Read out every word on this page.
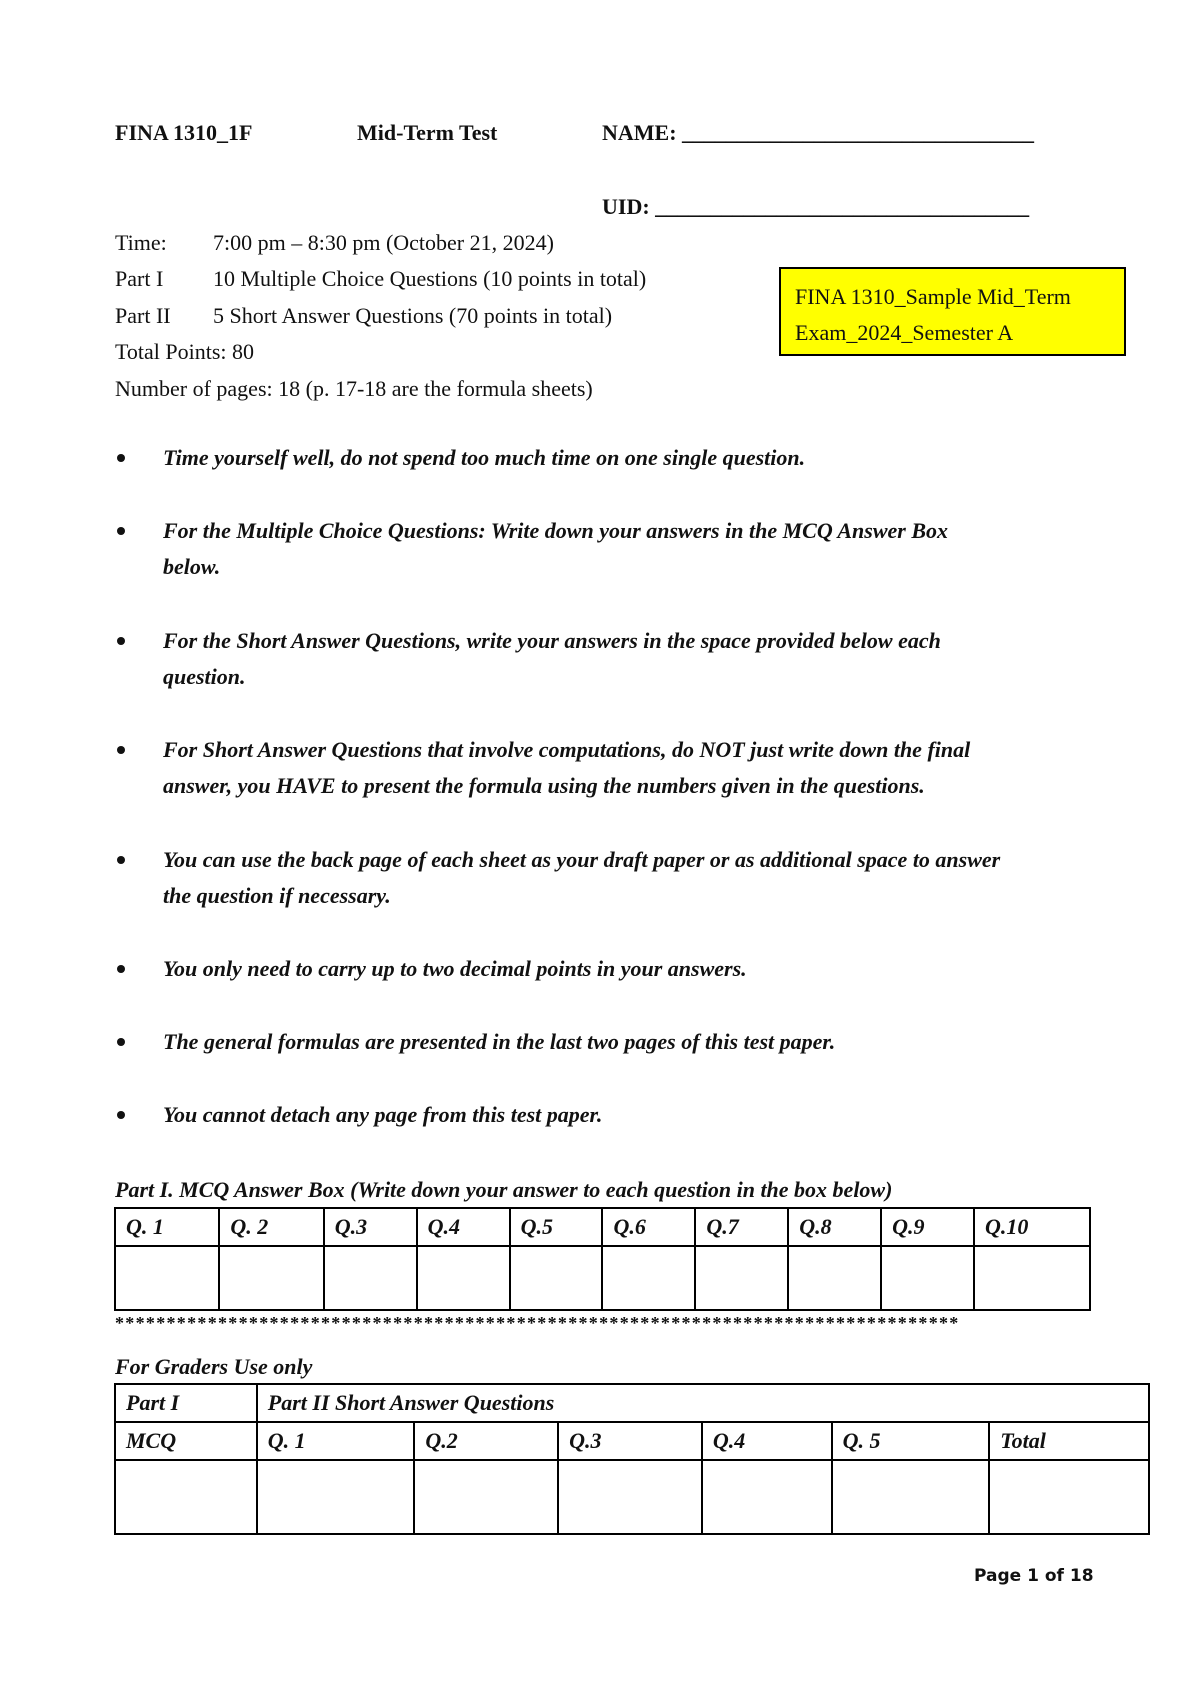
FINA 1310_1F	Mid-Term Test	NAME: ________________________________
UID: __________________________________
Time: 7:00 pm – 8:30 pm (October 21, 2024)
Part I 10 Multiple Choice Questions (10 points in total)
Part II 5 Short Answer Questions (70 points in total)
Total Points: 80
Number of pages: 18 (p. 17-18 are the formula sheets)
FINA 1310_Sample Mid_Term
Exam_2024_Semester A
Time yourself well, do not spend too much time on one single question.

For the Multiple Choice Questions: Write down your answers in the MCQ Answer Box
below.
For the Short Answer Questions, write your answers in the space provided below each
question.
For Short Answer Questions that involve computations, do NOT just write down the final
answer, you HAVE to present the formula using the numbers given in the questions.
You can use the back page of each sheet as your draft paper or as additional space to answer
the question if necessary.
You only need to carry up to two decimal points in your answers.

The general formulas are presented in the last two pages of this test paper.

You cannot detach any page from this test paper.

Part I. MCQ Answer Box (Write down your answer to each question in the box below)
Q. 1	Q. 2	Q.3	Q.4	Q.5	Q.6	Q.7	Q.8	Q.9	Q.10

**********************************************************************************
For Graders Use only
Part I	Part II Short Answer Questions					
MCQ	Q. 1	Q.2	Q.3	Q.4	Q. 5	Total

Page 1 of 18
